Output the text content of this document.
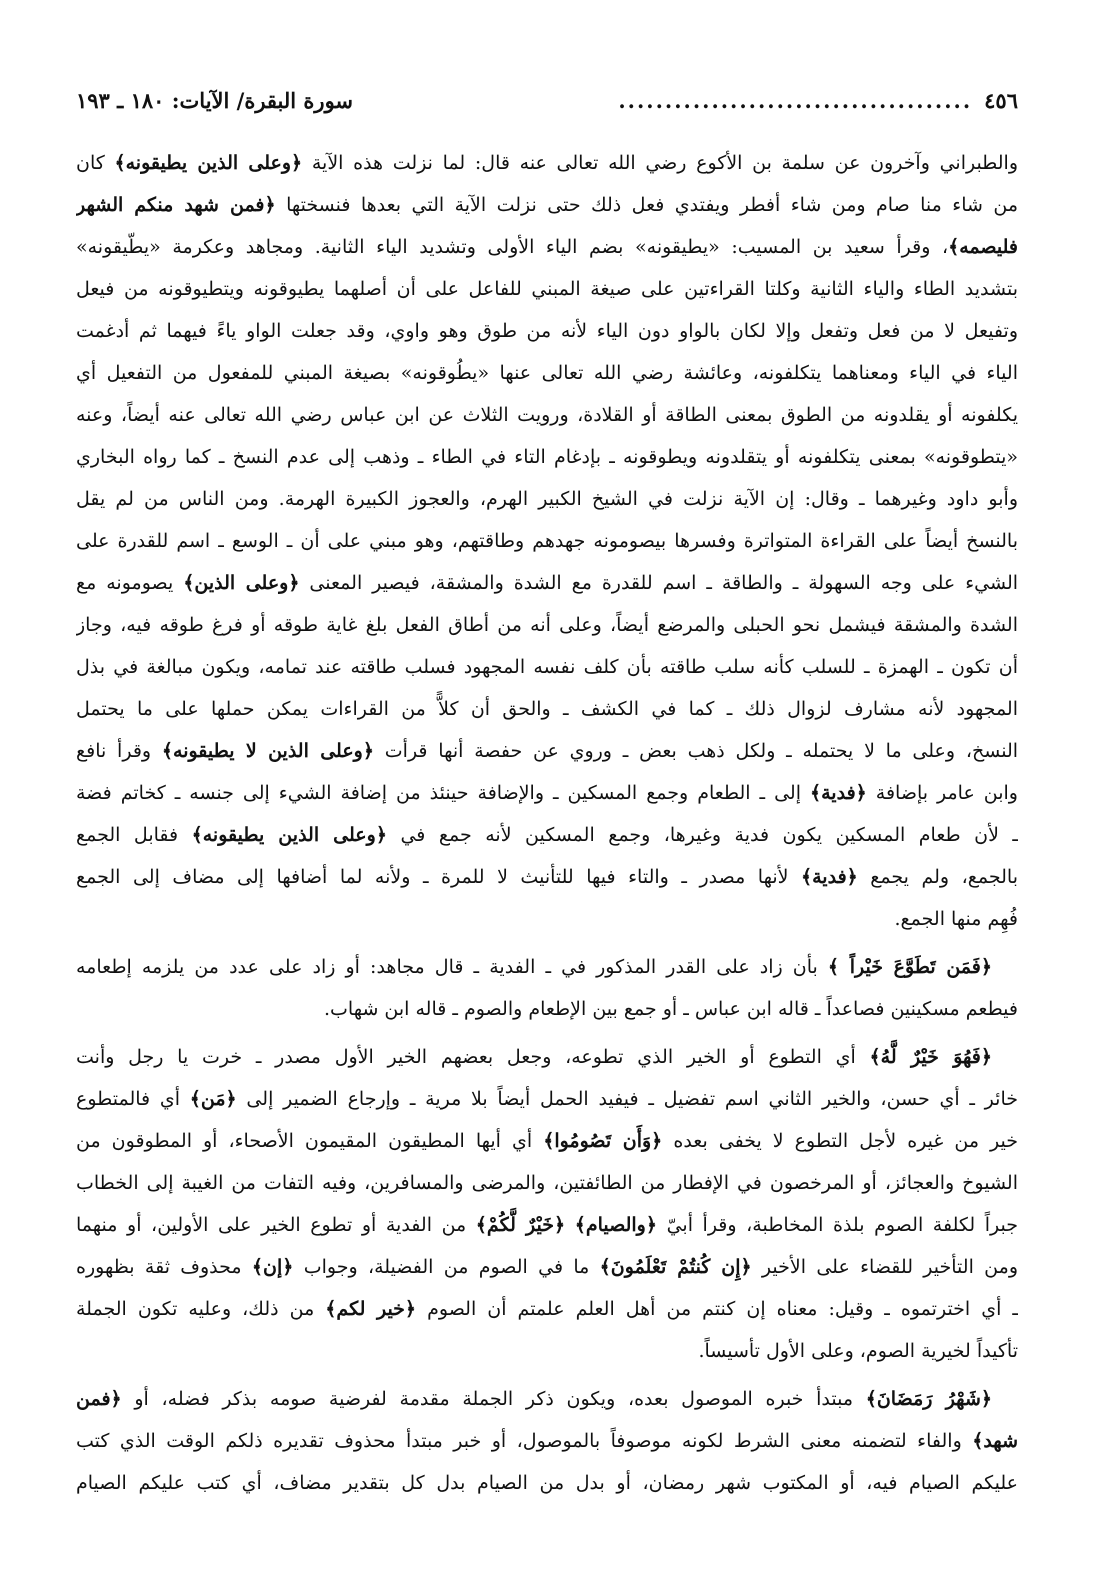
٤٥٦
......................................
سورة البقرة/ الآيات: ١٨٠ ـ ١٩٣
والطبراني وآخرون عن سلمة بن الأكوع رضي الله تعالى عنه قال: لما نزلت هذه الآية ﴿وعلى الذين يطيقونه﴾ كان
من شاء منا صام ومن شاء أفطر ويفتدي فعل ذلك حتى نزلت الآية التي بعدها فنسختها ﴿فمن شهد منكم الشهر
فليصمه﴾، وقرأ سعيد بن المسيب: «يطيقونه» بضم الياء الأولى وتشديد الياء الثانية. ومجاهد وعكرمة «يطّيقونه»
بتشديد الطاء والياء الثانية وكلتا القراءتين على صيغة المبني للفاعل على أن أصلهما يطيوقونه ويتطيوقونه من فيعل
وتفيعل لا من فعل وتفعل وإلا لكان بالواو دون الياء لأنه من طوق وهو واوي، وقد جعلت الواو ياءً فيهما ثم أدغمت
الياء في الياء ومعناهما يتكلفونه، وعائشة رضي الله تعالى عنها «يطُوقونه» بصيغة المبني للمفعول من التفعيل أي
يكلفونه أو يقلدونه من الطوق بمعنى الطاقة أو القلادة، ورويت الثلاث عن ابن عباس رضي الله تعالى عنه أيضاً، وعنه
«يتطوقونه» بمعنى يتكلفونه أو يتقلدونه ويطوقونه ـ بإدغام التاء في الطاء ـ وذهب إلى عدم النسخ ـ كما رواه البخاري
وأبو داود وغيرهما ـ وقال: إن الآية نزلت في الشيخ الكبير الهرم، والعجوز الكبيرة الهرمة. ومن الناس من لم يقل
بالنسخ أيضاً على القراءة المتواترة وفسرها بيصومونه جهدهم وطاقتهم، وهو مبني على أن ـ الوسع ـ اسم للقدرة على
الشيء على وجه السهولة ـ والطاقة ـ اسم للقدرة مع الشدة والمشقة، فيصير المعنى ﴿وعلى الذين﴾ يصومونه مع
الشدة والمشقة فيشمل نحو الحبلى والمرضع أيضاً، وعلى أنه من أطاق الفعل بلغ غاية طوقه أو فرغ طوقه فيه، وجاز
أن تكون ـ الهمزة ـ للسلب كأنه سلب طاقته بأن كلف نفسه المجهود فسلب طاقته عند تمامه، ويكون مبالغة في بذل
المجهود لأنه مشارف لزوال ذلك ـ كما في الكشف ـ والحق أن كلاًّ من القراءات يمكن حملها على ما يحتمل
النسخ، وعلى ما لا يحتمله ـ ولكل ذهب بعض ـ وروي عن حفصة أنها قرأت ﴿وعلى الذين لا يطيقونه﴾ وقرأ نافع
وابن عامر بإضافة ﴿فدية﴾ إلى ـ الطعام وجمع المسكين ـ والإضافة حينئذ من إضافة الشيء إلى جنسه ـ كخاتم فضة
ـ لأن طعام المسكين يكون فدية وغيرها، وجمع المسكين لأنه جمع في ﴿وعلى الذين يطيقونه﴾ فقابل الجمع
بالجمع، ولم يجمع ﴿فدية﴾ لأنها مصدر ـ والتاء فيها للتأنيث لا للمرة ـ ولأنه لما أضافها إلى مضاف إلى الجمع
فُهِم منها الجمع.
﴿فَمَن تَطَوَّعَ خَيْراً ﴾ بأن زاد على القدر المذكور في ـ الفدية ـ قال مجاهد: أو زاد على عدد من يلزمه إطعامه
فيطعم مسكينين فصاعداً ـ قاله ابن عباس ـ أو جمع بين الإطعام والصوم ـ قاله ابن شهاب.
﴿فَهُوَ خَيْرٌ لَّهُ﴾ أي التطوع أو الخير الذي تطوعه، وجعل بعضهم الخير الأول مصدر ـ خرت يا رجل وأنت
خائر ـ أي حسن، والخير الثاني اسم تفضيل ـ فيفيد الحمل أيضاً بلا مرية ـ وإرجاع الضمير إلى ﴿مَن﴾ أي فالمتطوع
خير من غيره لأجل التطوع لا يخفى بعده ﴿وَأَن تَصُومُوا﴾ أي أيها المطيقون المقيمون الأصحاء، أو المطوقون من
الشيوخ والعجائز، أو المرخصون في الإفطار من الطائفتين، والمرضى والمسافرين، وفيه التفات من الغيبة إلى الخطاب
جبراً لكلفة الصوم بلذة المخاطبة، وقرأ أبيّ ﴿والصيام﴾ ﴿خَيْرٌ لَّكُمْ﴾ من الفدية أو تطوع الخير على الأولين، أو منهما
ومن التأخير للقضاء على الأخير ﴿إِن كُنتُمْ تَعْلَمُونَ﴾ ما في الصوم من الفضيلة، وجواب ﴿إن﴾ محذوف ثقة بظهوره
ـ أي اخترتموه ـ وقيل: معناه إن كنتم من أهل العلم علمتم أن الصوم ﴿خير لكم﴾ من ذلك، وعليه تكون الجملة
تأكيداً لخيرية الصوم، وعلى الأول تأسيساً.
﴿شَهْرُ رَمَضَانَ﴾ مبتدأ خبره الموصول بعده، ويكون ذكر الجملة مقدمة لفرضية صومه بذكر فضله، أو ﴿فمن
شهد﴾ والفاء لتضمنه معنى الشرط لكونه موصوفاً بالموصول، أو خبر مبتدأ محذوف تقديره ذلكم الوقت الذي كتب
عليكم الصيام فيه، أو المكتوب شهر رمضان، أو بدل من الصيام بدل كل بتقدير مضاف، أي كتب عليكم الصيام
